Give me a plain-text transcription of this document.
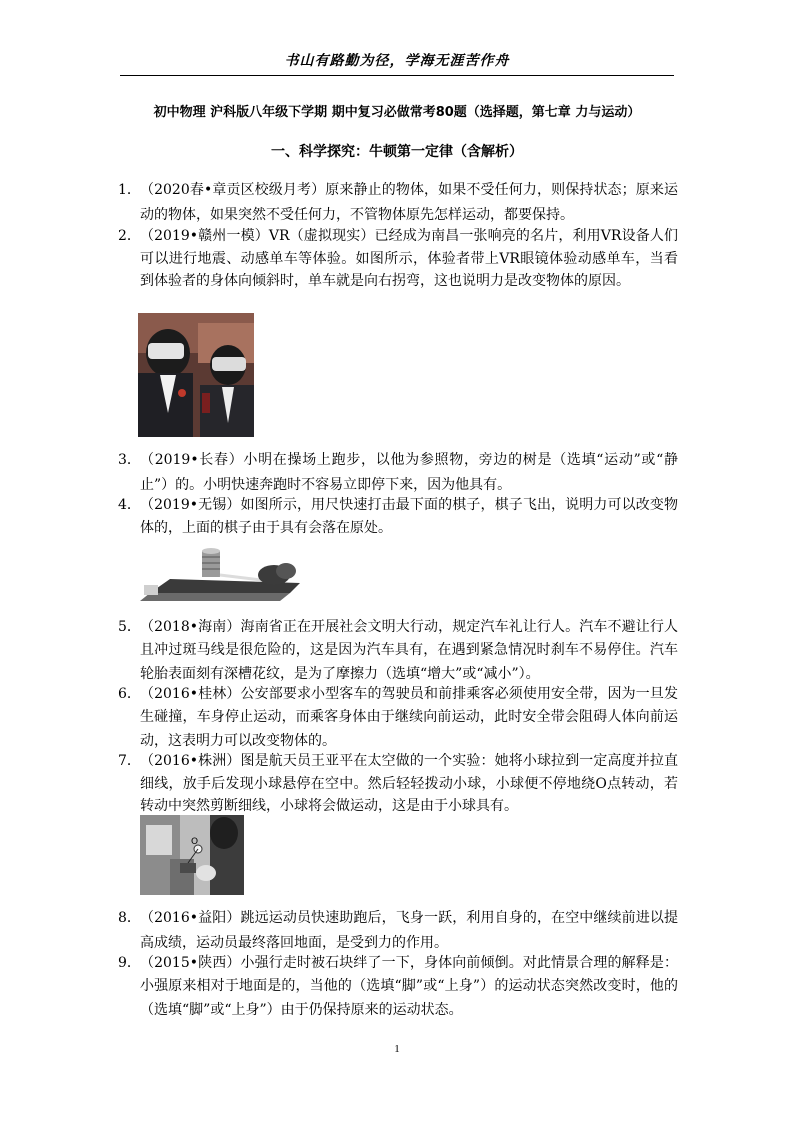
书山有路勤为径，学海无涯苦作舟
初中物理 沪科版八年级下学期 期中复习必做常考80题（选择题，第七章 力与运动）
一、科学探究：牛顿第一定律（含解析）
1． （2020春•章贡区校级月考）原来静止的物体，如果不受任何力，则保持状态；原来运动的物体，如果突然不受任何力，不管物体原先怎样运动，都要保持。
2． （2019•赣州一模）VR（虚拟现实）已经成为南昌一张响亮的名片，利用VR设备人们可以进行地震、动感单车等体验。如图所示，体验者带上VR眼镜体验动感单车，当看到体验者的身体向倾斜时，单车就是向右拐弯，这也说明力是改变物体的原因。
3． （2019•长春）小明在操场上跑步，以他为参照物，旁边的树是（选填“运动”或“静止”）的。小明快速奔跑时不容易立即停下来，因为他具有。
4． （2019•无锡）如图所示，用尺快速打击最下面的棋子，棋子飞出，说明力可以改变物体的，上面的棋子由于具有会落在原处。
5． （2018•海南）海南省正在开展社会文明大行动，规定汽车礼让行人。汽车不避让行人且冲过斑马线是很危险的，这是因为汽车具有，在遇到紧急情况时刹车不易停住。汽车轮胎表面刻有深槽花纹，是为了摩擦力（选填“增大”或“减小”）。
6． （2016•桂林）公安部要求小型客车的驾驶员和前排乘客必须使用安全带，因为一旦发生碰撞，车身停止运动，而乘客身体由于继续向前运动，此时安全带会阻碍人体向前运动，这表明力可以改变物体的。
7． （2016•株洲）图是航天员王亚平在太空做的一个实验：她将小球拉到一定高度并拉直细线，放手后发现小球悬停在空中。然后轻轻拨动小球，小球便不停地绕O点转动，若转动中突然剪断细线，小球将会做运动，这是由于小球具有。
O
8． （2016•益阳）跳远运动员快速助跑后，飞身一跃，利用自身的，在空中继续前进以提高成绩，运动员最终落回地面，是受到力的作用。
9． （2015•陕西）小强行走时被石块绊了一下，身体向前倾倒。对此情景合理的解释是：小强原来相对于地面是的，当他的（选填“脚”或“上身”）的运动状态突然改变时，他的（选填“脚”或“上身”）由于仍保持原来的运动状态。
1
